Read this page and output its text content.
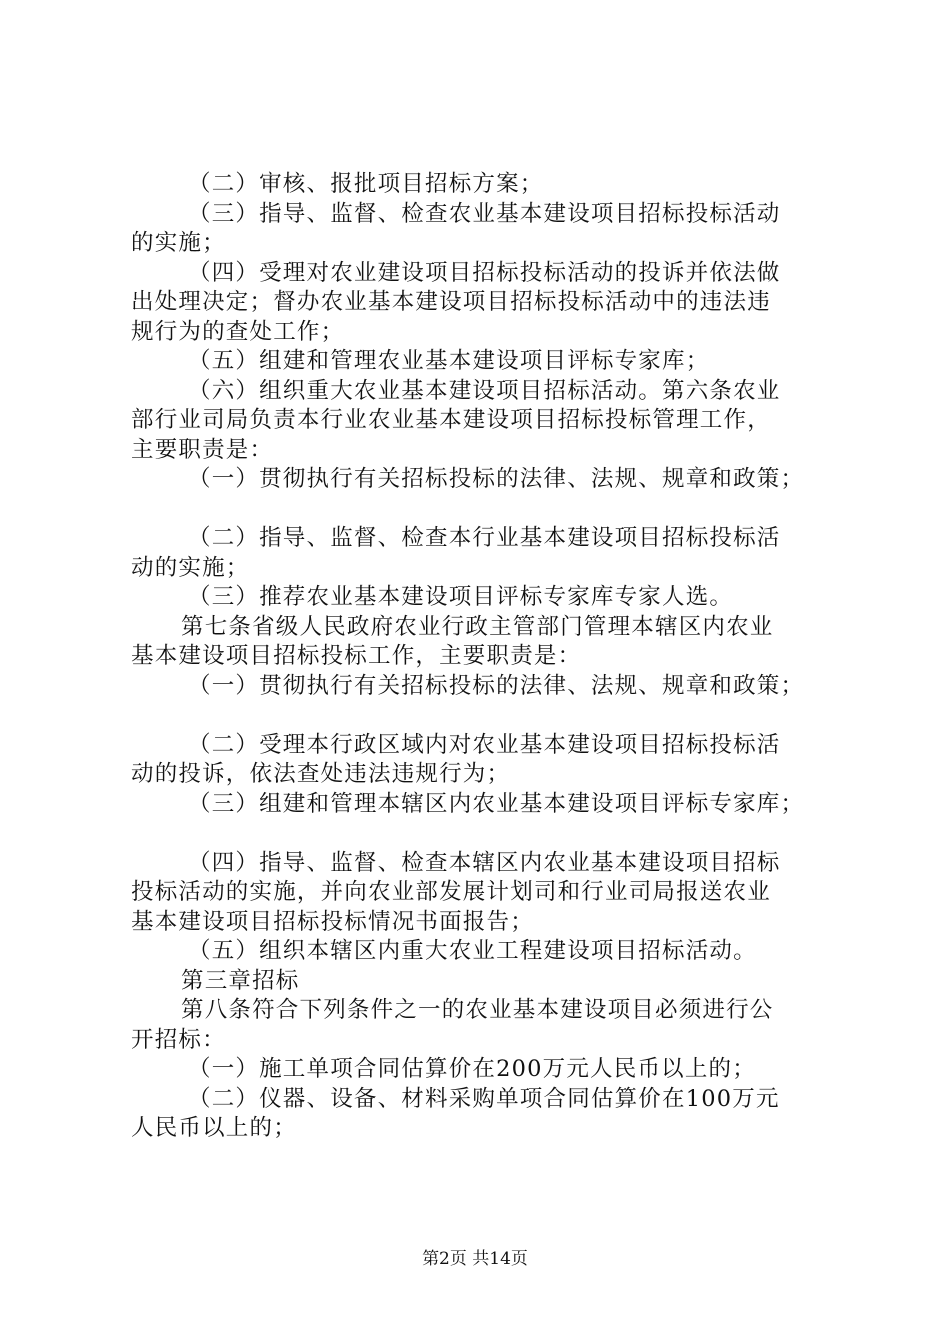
（二）审核、报批项目招标方案；
（三）指导、监督、检查农业基本建设项目招标投标活动
的实施；
（四）受理对农业建设项目招标投标活动的投诉并依法做
出处理决定；督办农业基本建设项目招标投标活动中的违法违
规行为的查处工作；
（五）组建和管理农业基本建设项目评标专家库；
（六）组织重大农业基本建设项目招标活动。第六条农业
部行业司局负责本行业农业基本建设项目招标投标管理工作，
主要职责是：
（一）贯彻执行有关招标投标的法律、法规、规章和政策；
（二）指导、监督、检查本行业基本建设项目招标投标活
动的实施；
（三）推荐农业基本建设项目评标专家库专家人选。
第七条省级人民政府农业行政主管部门管理本辖区内农业
基本建设项目招标投标工作，主要职责是：
（一）贯彻执行有关招标投标的法律、法规、规章和政策；
（二）受理本行政区域内对农业基本建设项目招标投标活
动的投诉，依法查处违法违规行为；
（三）组建和管理本辖区内农业基本建设项目评标专家库；
（四）指导、监督、检查本辖区内农业基本建设项目招标
投标活动的实施，并向农业部发展计划司和行业司局报送农业
基本建设项目招标投标情况书面报告；
（五）组织本辖区内重大农业工程建设项目招标活动。
第三章招标
第八条符合下列条件之一的农业基本建设项目必须进行公
开招标：
（一）施工单项合同估算价在200万元人民币以上的；
（二）仪器、设备、材料采购单项合同估算价在100万元
人民币以上的；
第2页 共14页
